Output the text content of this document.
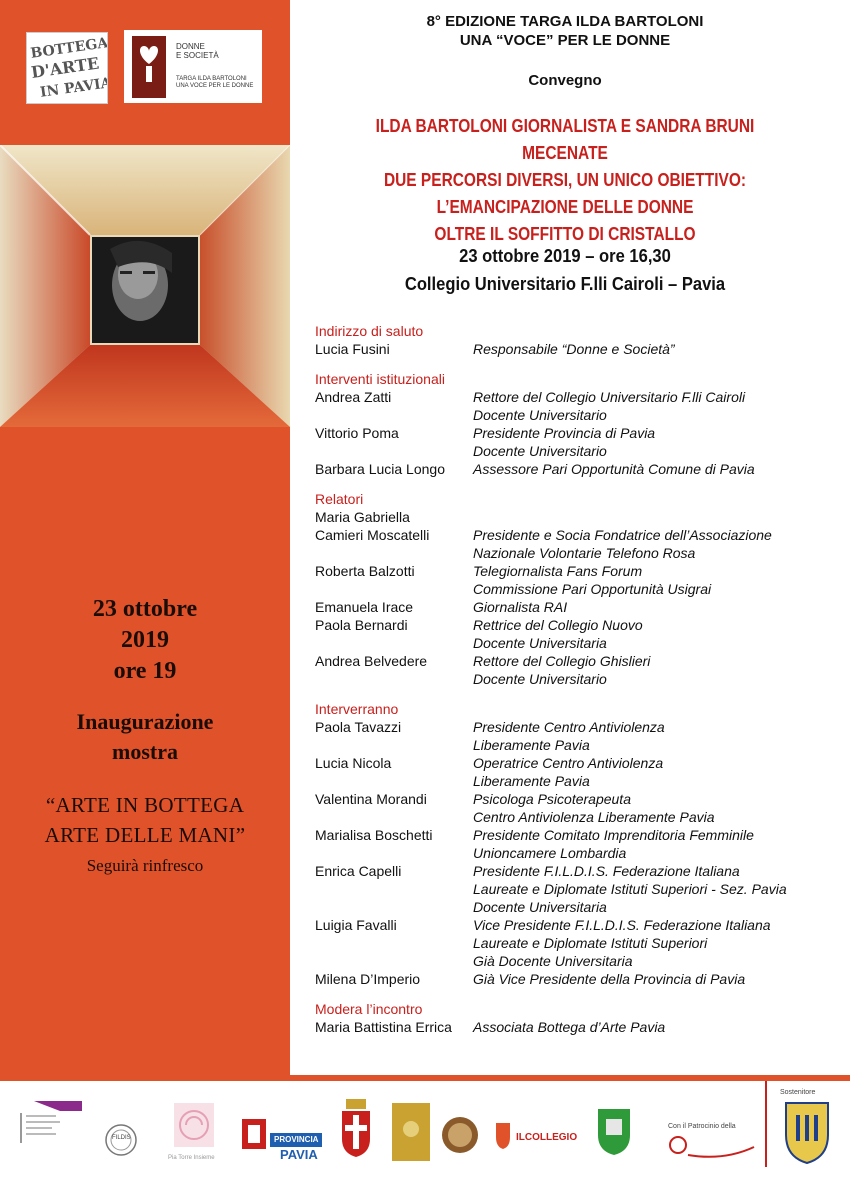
BOTTEGA
D'ARTE
IN PAVIA
DONNE
E SOCIETÀ
TARGA ILDA BARTOLONI
UNA VOCE PER LE DONNE
23 ottobre
2019
ore 19
Inaugurazione
mostra
“ARTE IN BOTTEGA
ARTE DELLE MANI”
Seguirà rinfresco
8° EDIZIONE TARGA ILDA BARTOLONI
UNA “VOCE” PER LE DONNE
Convegno
ILDA BARTOLONI GIORNALISTA E SANDRA BRUNI MECENATE
DUE PERCORSI DIVERSI, UN UNICO OBIETTIVO:
L’EMANCIPAZIONE DELLE DONNE
OLTRE IL SOFFITTO DI CRISTALLO
23 ottobre 2019 – ore 16,30
Collegio Universitario F.lli Cairoli – Pavia
Indirizzo di saluto
Lucia Fusini	Responsabile “Donne e Società”
Interventi istituzionali
Andrea Zatti	Rettore del Collegio Universitario F.lli Cairoli
Docente Universitario
Vittorio Poma	Presidente Provincia di Pavia
Docente Universitario
Barbara Lucia Longo	Assessore Pari Opportunità Comune di Pavia
Relatori
Maria Gabriella
Camieri Moscatelli	Presidente e Socia Fondatrice dell’Associazione
Nazionale Volontarie Telefono Rosa
Roberta Balzotti	Telegiornalista Fans Forum
Commissione Pari Opportunità Usigrai
Emanuela Irace	Giornalista RAI
Paola Bernardi	Rettrice del Collegio Nuovo
Docente Universitaria
Andrea Belvedere	Rettore del Collegio Ghislieri
Docente Universitario
Interverranno
Paola Tavazzi	Presidente Centro Antiviolenza
Liberamente Pavia
Lucia Nicola	Operatrice Centro Antiviolenza
Liberamente Pavia
Valentina Morandi	Psicologa Psicoterapeuta
Centro Antiviolenza Liberamente Pavia
Marialisa Boschetti	Presidente Comitato Imprenditoria Femminile
Unioncamere Lombardia
Enrica Capelli	Presidente F.I.L.D.I.S. Federazione Italiana
Laureate e Diplomate Istituti Superiori - Sez. Pavia
Docente Universitaria
Luigia Favalli	Vice Presidente F.I.L.D.I.S. Federazione Italiana
Laureate e Diplomate Istituti Superiori
Già Docente Universitaria
Milena D’Imperio	Già Vice Presidente della Provincia di Pavia
Modera l’incontro
Maria Battistina Errica	Associata Bottega d’Arte Pavia
FILDIS
Pia Torre Insieme
PROVINCIA
PAVIA
ILCOLLEGIO
Con il Patrocinio della
Sostenitore
